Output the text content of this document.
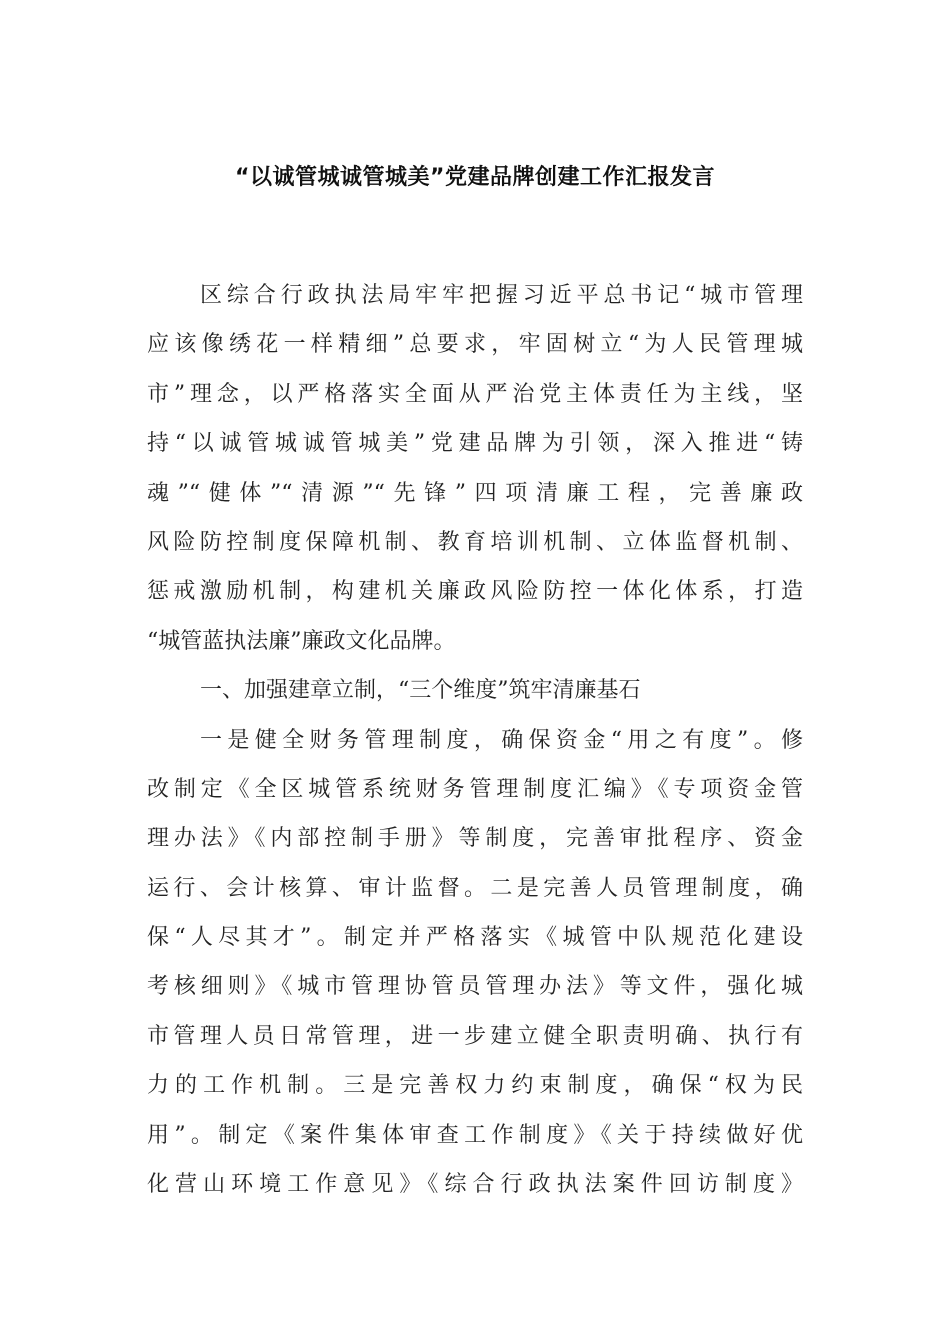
“以诚管城诚管城美”党建品牌创建工作汇报发言
区综合行政执法局牢牢把握习近平总书记“城市管理
应该像绣花一样精细”总要求，牢固树立“为人民管理城
市”理念，以严格落实全面从严治党主体责任为主线，坚
持“以诚管城诚管城美”党建品牌为引领，深入推进“铸
魂”“健体”“清源”“先锋”四项清廉工程，完善廉政
风险防控制度保障机制、教育培训机制、立体监督机制、
惩戒激励机制，构建机关廉政风险防控一体化体系，打造
“城管蓝执法廉”廉政文化品牌。
一、加强建章立制，“三个维度”筑牢清廉基石
一是健全财务管理制度，确保资金“用之有度”。修
改制定《全区城管系统财务管理制度汇编》《专项资金管
理办法》《内部控制手册》等制度，完善审批程序、资金
运行、会计核算、审计监督。二是完善人员管理制度，确
保“人尽其才”。制定并严格落实《城管中队规范化建设
考核细则》《城市管理协管员管理办法》等文件，强化城
市管理人员日常管理，进一步建立健全职责明确、执行有
力的工作机制。三是完善权力约束制度，确保“权为民
用”。制定《案件集体审查工作制度》《关于持续做好优
化营山环境工作意见》《综合行政执法案件回访制度》
